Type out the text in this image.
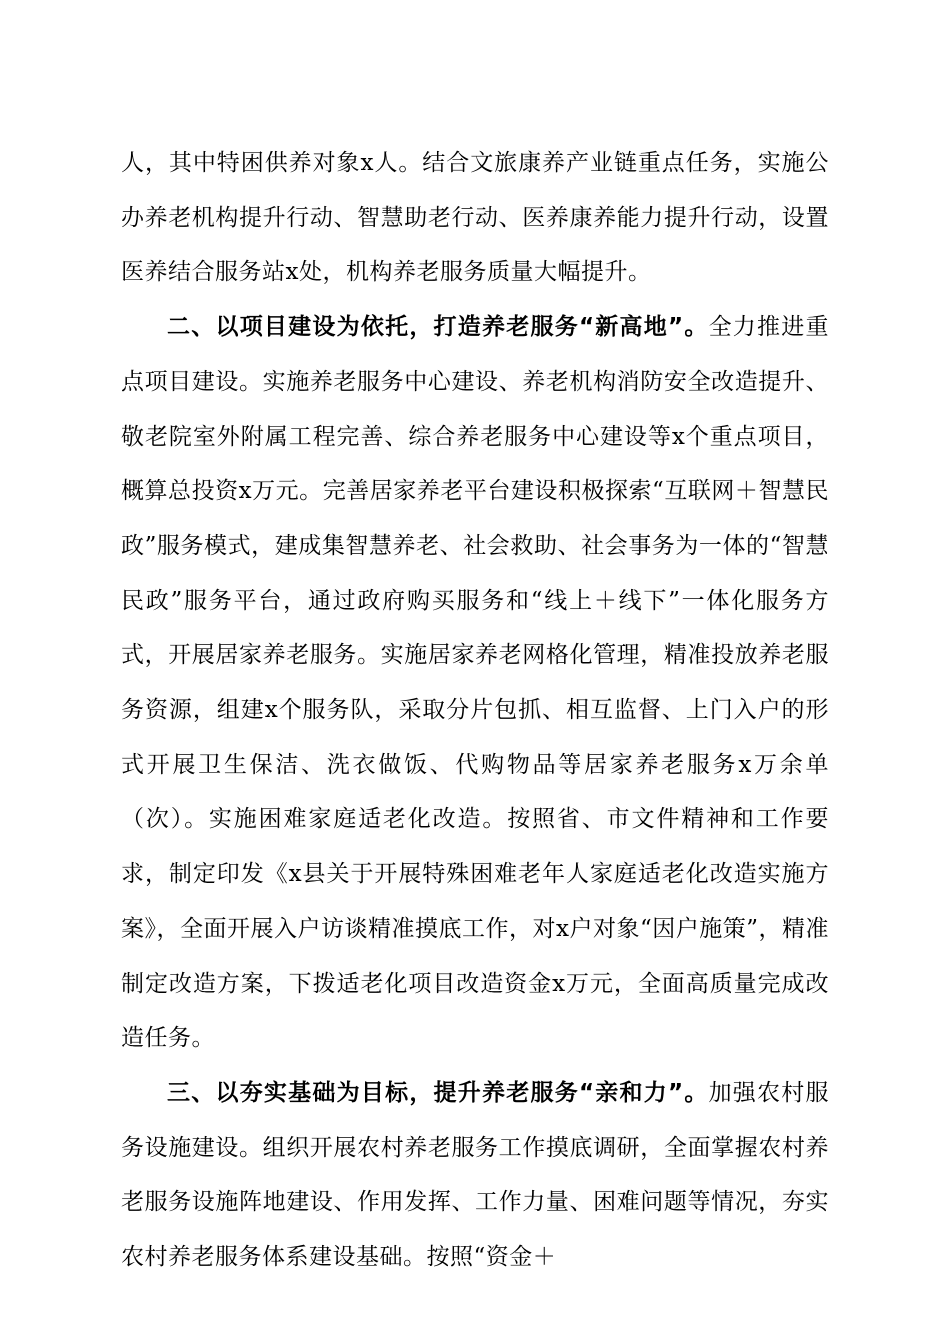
人，其中特困供养对象x人。结合文旅康养产业链重点任务，实施公办养老机构提升行动、智慧助老行动、医养康养能力提升行动，设置医养结合服务站x处，机构养老服务质量大幅提升。

二、以项目建设为依托，打造养老服务“新高地”。全力推进重点项目建设。实施养老服务中心建设、养老机构消防安全改造提升、敬老院室外附属工程完善、综合养老服务中心建设等x个重点项目，概算总投资x万元。完善居家养老平台建设积极探索“互联网＋智慧民政”服务模式，建成集智慧养老、社会救助、社会事务为一体的“智慧民政”服务平台，通过政府购买服务和“线上＋线下”一体化服务方式，开展居家养老服务。实施居家养老网格化管理，精准投放养老服务资源，组建x个服务队，采取分片包抓、相互监督、上门入户的形式开展卫生保洁、洗衣做饭、代购物品等居家养老服务x万余单（次）。实施困难家庭适老化改造。按照省、市文件精神和工作要求，制定印发《x县关于开展特殊困难老年人家庭适老化改造实施方案》，全面开展入户访谈精准摸底工作，对x户对象“因户施策”，精准制定改造方案，下拨适老化项目改造资金x万元，全面高质量完成改造任务。

三、以夯实基础为目标，提升养老服务“亲和力”。加强农村服务设施建设。组织开展农村养老服务工作摸底调研，全面掌握农村养老服务设施阵地建设、作用发挥、工作力量、困难问题等情况，夯实农村养老服务体系建设基础。按照“资金＋
